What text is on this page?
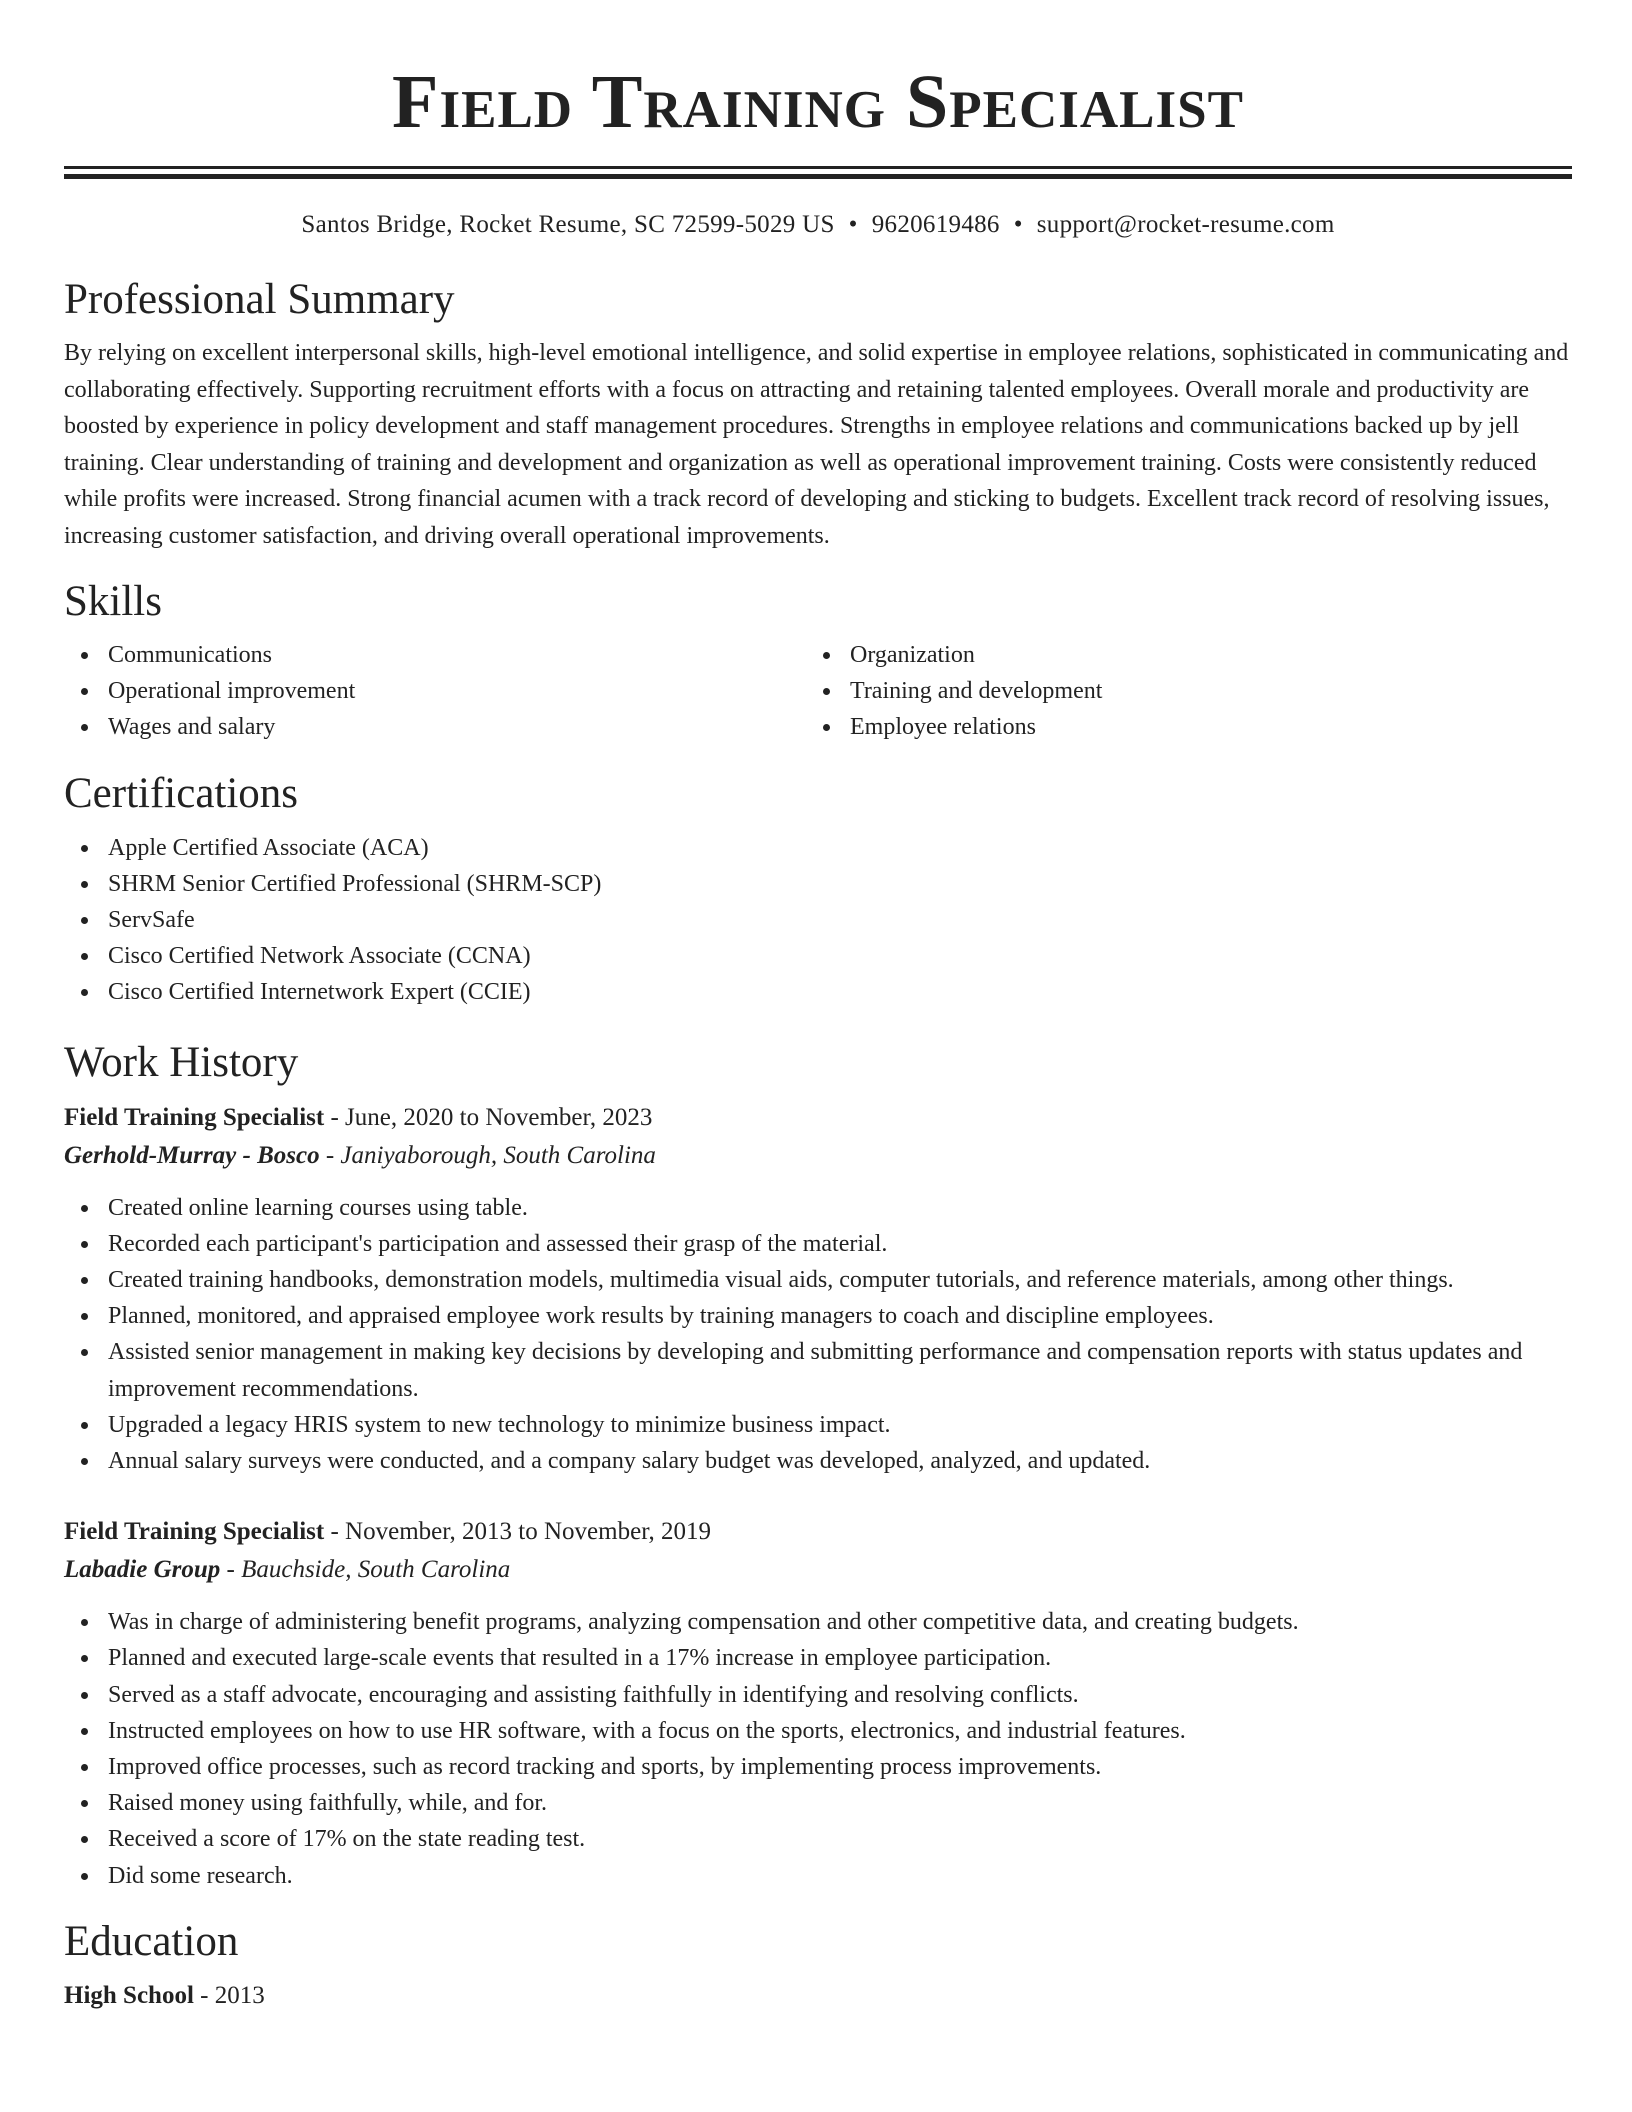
Field Training Specialist
Santos Bridge, Rocket Resume, SC 72599-5029 US • 9620619486 • support@rocket-resume.com
Professional Summary

By relying on excellent interpersonal skills, high-level emotional intelligence, and solid expertise in employee relations, sophisticated in communicating and collaborating effectively. Supporting recruitment efforts with a focus on attracting and retaining talented employees. Overall morale and productivity are boosted by experience in policy development and staff management procedures. Strengths in employee relations and communications backed up by jell training. Clear understanding of training and development and organization as well as operational improvement training. Costs were consistently reduced while profits were increased. Strong financial acumen with a track record of developing and sticking to budgets. Excellent track record of resolving issues, increasing customer satisfaction, and driving overall operational improvements.

Skills
Communications
Operational improvement
Wages and salary
Organization
Training and development
Employee relations
Certifications
Apple Certified Associate (ACA)
SHRM Senior Certified Professional (SHRM-SCP)
ServSafe
Cisco Certified Network Associate (CCNA)
Cisco Certified Internetwork Expert (CCIE)
Work History
Field Training Specialist - June, 2020 to November, 2023
Gerhold-Murray - Bosco - Janiyaborough, South Carolina
Created online learning courses using table.
Recorded each participant's participation and assessed their grasp of the material.
Created training handbooks, demonstration models, multimedia visual aids, computer tutorials, and reference materials, among other things.
Planned, monitored, and appraised employee work results by training managers to coach and discipline employees.
Assisted senior management in making key decisions by developing and submitting performance and compensation reports with status updates and improvement recommendations.
Upgraded a legacy HRIS system to new technology to minimize business impact.
Annual salary surveys were conducted, and a company salary budget was developed, analyzed, and updated.
Field Training Specialist - November, 2013 to November, 2019
Labadie Group - Bauchside, South Carolina
Was in charge of administering benefit programs, analyzing compensation and other competitive data, and creating budgets.
Planned and executed large-scale events that resulted in a 17% increase in employee participation.
Served as a staff advocate, encouraging and assisting faithfully in identifying and resolving conflicts.
Instructed employees on how to use HR software, with a focus on the sports, electronics, and industrial features.
Improved office processes, such as record tracking and sports, by implementing process improvements.
Raised money using faithfully, while, and for.
Received a score of 17% on the state reading test.
Did some research.
Education
High School - 2013
